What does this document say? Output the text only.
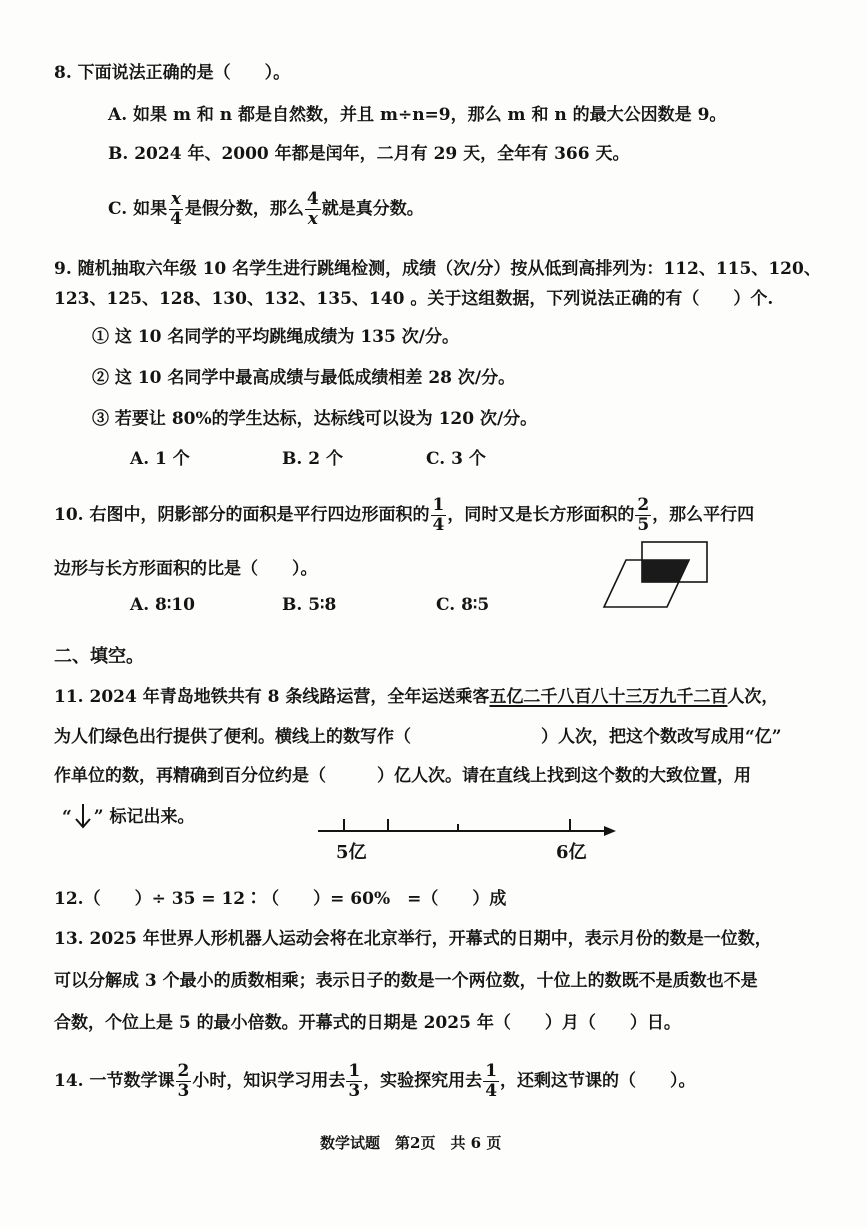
8. 下面说法正确的是（　　）。
A. 如果 m 和 n 都是自然数，并且 m÷n=9，那么 m 和 n 的最大公因数是 9。
B. 2024 年、2000 年都是闰年，二月有 29 天，全年有 366 天。
C. 如果 $\frac{x}{4}$ 是假分数，那么 $\frac{4}{x}$ 就是真分数。
9. 随机抽取六年级 10 名学生进行跳绳检测，成绩（次/分）按从低到高排列为：112、115、120、
123、125、128、130、132、135、140 。关于这组数据，下列说法正确的有（　　）个.
① 这 10 名同学的平均跳绳成绩为 135 次/分。
② 这 10 名同学中最高成绩与最低成绩相差 28 次/分。
③ 若要让 80%的学生达标，达标线可以设为 120 次/分。
A. 1 个	B. 2 个	C. 3 个
10. 右图中，阴影部分的面积是平行四边形面积的 $\frac{1}{4}$ ，同时又是长方形面积的 $\frac{2}{5}$ ，那么平行四
边形与长方形面积的比是（　　）。
A. 8∶10	B. 5∶8	C. 8∶5
二、填空。
11. 2024 年青岛地铁共有 8 条线路运营，全年运送乘客五亿二千八百八十三万九千二百人次，
为人们绿色出行提供了便利。横线上的数写作（	）人次，把这个数改写成用“亿”
作单位的数，再精确到百分位约是（　　　）亿人次。请在直线上找到这个数的大致位置，用
“ ” 标记出来。
5亿	6亿
12.（　　）÷ 35 = 12∶（　　）= 60%　=（　　）成
13. 2025 年世界人形机器人运动会将在北京举行，开幕式的日期中，表示月份的数是一位数，
可以分解成 3 个最小的质数相乘；表示日子的数是一个两位数，十位上的数既不是质数也不是
合数，个位上是 5 的最小倍数。开幕式的日期是 2025 年（　　）月（　　）日。
14. 一节数学课 $\frac{2}{3}$ 小时，知识学习用去 $\frac{1}{3}$ ，实验探究用去 $\frac{1}{4}$ ，还剩这节课的（　　）。
数学试题　第2页　共 6 页
